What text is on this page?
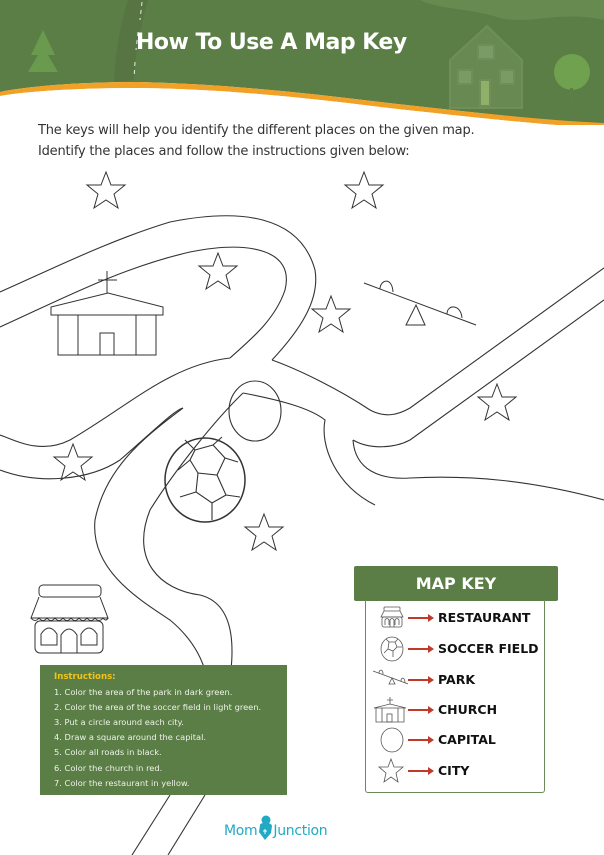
How To Use A Map Key
The keys will help you identify the different places on the given map.
Identify the places and follow the instructions given below:
Instructions:
1. Color the area of the park in dark green.
2. Color the area of the soccer field in light green.
3. Put a circle around each city.
4. Draw a square around the capital.
5. Color all roads in black.
6. Color the church in red.
7. Color the restaurant in yellow.
MAP KEY
RESTAURANT
SOCCER FIELD
PARK
CHURCH
CAPITAL
CITY
Mom Junction
